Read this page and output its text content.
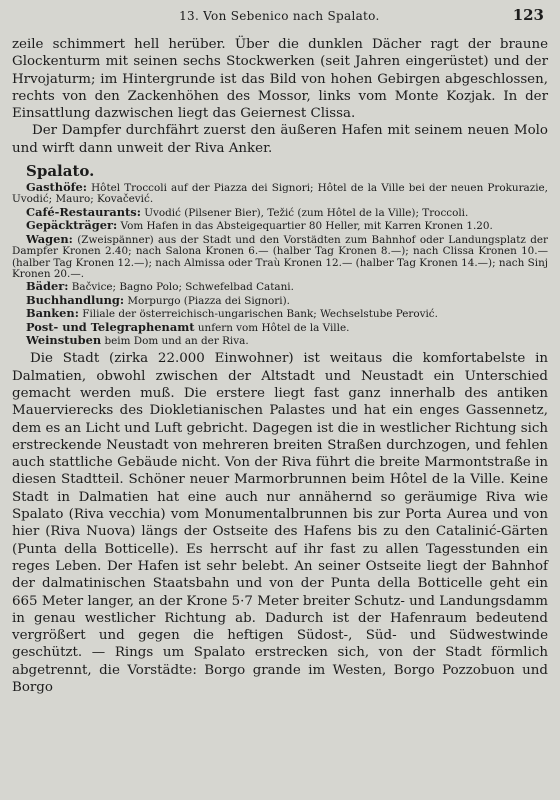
13. Von Sebenico nach Spalato.	123

zeile schimmert hell herüber. Über die dunklen Dächer ragt der braune Glockenturm mit seinen sechs Stockwerken (seit Jahren eingerüstet) und der Hrvojaturm; im Hintergrunde ist das Bild von hohen Gebirgen abgeschlossen, rechts von den Zackenhöhen des Mossor, links vom Monte Kozjak. In der Einsattlung dazwischen liegt das Geiernest Clissa.

Der Dampfer durchfährt zuerst den äußeren Hafen mit seinem neuen Molo und wirft dann unweit der Riva Anker.

Spalato.

Gasthöfe: Hôtel Troccoli auf der Piazza dei Signori; Hôtel de la Ville bei der neuen Prokurazie, Uvodić; Mauro; Kovačević.

Café-Restaurants: Uvodić (Pilsener Bier), Težić (zum Hôtel de la Ville); Troccoli.

Gepäckträger: Vom Hafen in das Absteigequartier 80 Heller, mit Karren Kronen 1.20.

Wagen: (Zweispänner) aus der Stadt und den Vorstädten zum Bahnhof oder Landungsplatz der Dampfer Kronen 2.40; nach Salona Kronen 6.— (halber Tag Kronen 8.—); nach Clissa Kronen 10.— (halber Tag Kronen 12.—); nach Almissa oder Traù Kronen 12.— (halber Tag Kronen 14.—); nach Sinj Kronen 20.—.

Bäder: Bačvice; Bagno Polo; Schwefelbad Catani.

Buchhandlung: Morpurgo (Piazza dei Signori).

Banken: Filiale der österreichisch-ungarischen Bank; Wechselstube Perović.

Post- und Telegraphenamt unfern vom Hôtel de la Ville.

Weinstuben beim Dom und an der Riva.

Die Stadt (zirka 22.000 Einwohner) ist weitaus die komfortabelste in Dalmatien, obwohl zwischen der Altstadt und Neustadt ein Unterschied gemacht werden muß. Die erstere liegt fast ganz innerhalb des antiken Mauervierecks des Diokletianischen Palastes und hat ein enges Gassennetz, dem es an Licht und Luft gebricht. Dagegen ist die in westlicher Richtung sich erstreckende Neustadt von mehreren breiten Straßen durchzogen, und fehlen auch stattliche Gebäude nicht. Von der Riva führt die breite Marmontstraße in diesen Stadtteil. Schöner neuer Marmorbrunnen beim Hôtel de la Ville. Keine Stadt in Dalmatien hat eine auch nur annähernd so geräumige Riva wie Spalato (Riva vecchia) vom Monumentalbrunnen bis zur Porta Aurea und von hier (Riva Nuova) längs der Ostseite des Hafens bis zu den Catalinić-Gärten (Punta della Botticelle). Es herrscht auf ihr fast zu allen Tagesstunden ein reges Leben. Der Hafen ist sehr belebt. An seiner Ostseite liegt der Bahnhof der dalmatinischen Staatsbahn und von der Punta della Botticelle geht ein 665 Meter langer, an der Krone 5·7 Meter breiter Schutz- und Landungsdamm in genau westlicher Richtung ab. Dadurch ist der Hafenraum bedeutend vergrößert und gegen die heftigen Südost-, Süd- und Südwestwinde geschützt. — Rings um Spalato erstrecken sich, von der Stadt förmlich abgetrennt, die Vorstädte: Borgo grande im Westen, Borgo Pozzobuon und Borgo
